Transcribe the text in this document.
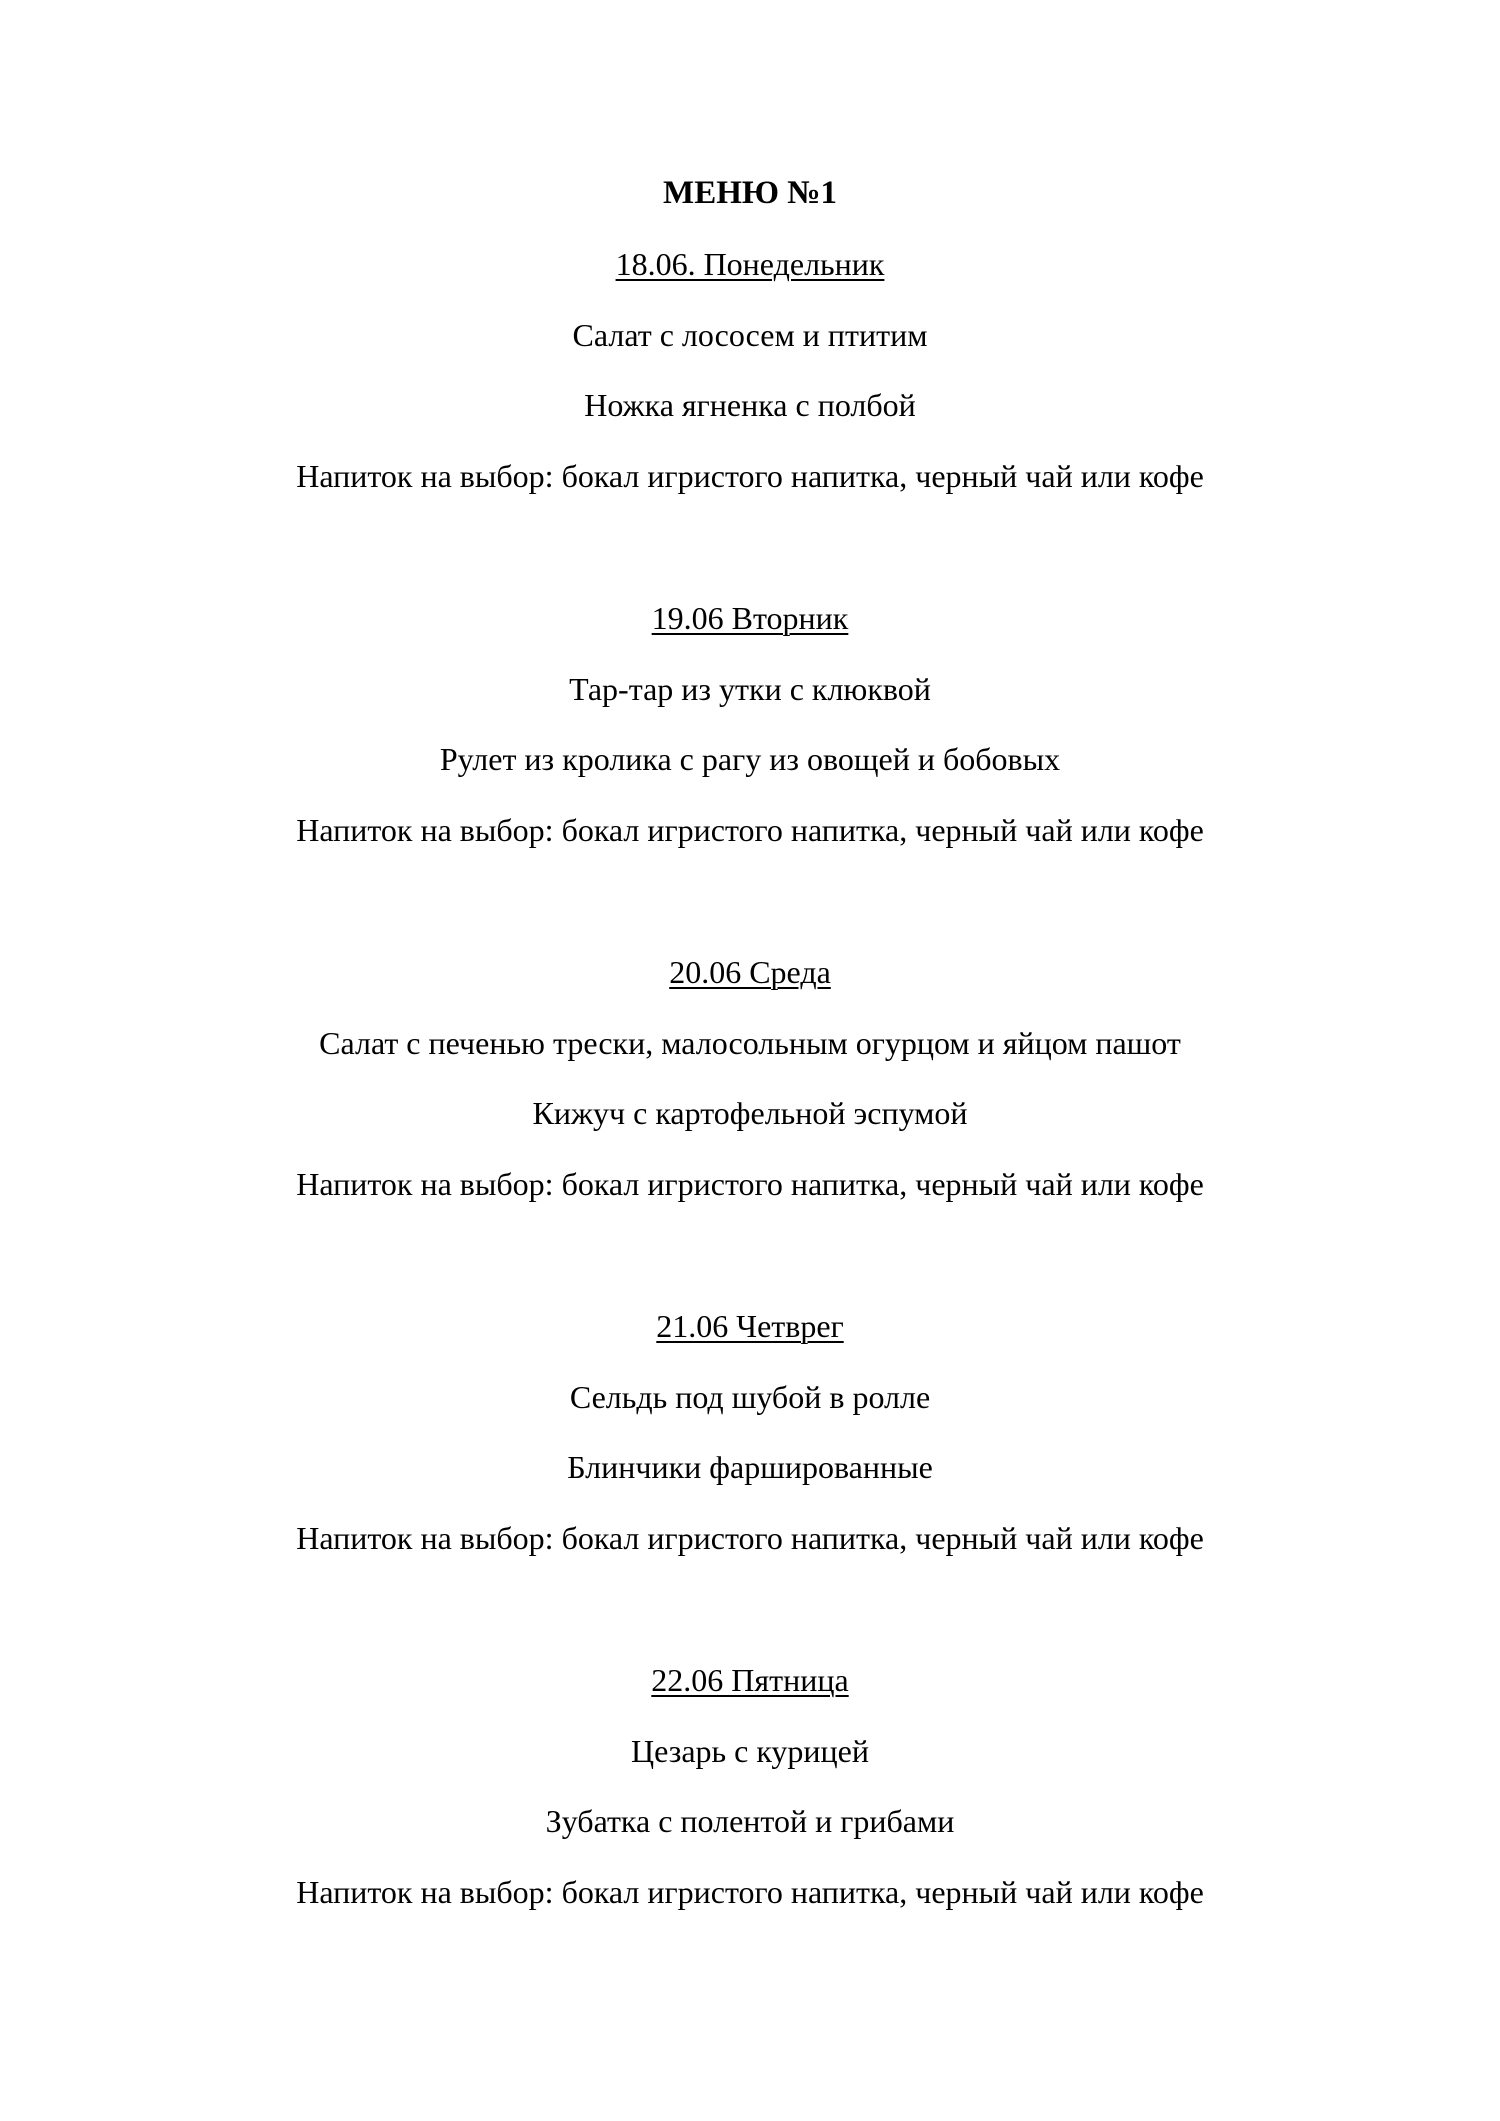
МЕНЮ №1
18.06. Понедельник
Салат с лососем и птитим
Ножка ягненка с полбой
Напиток на выбор: бокал игристого напитка, черный чай или кофе
19.06 Вторник
Тар-тар из утки с клюквой
Рулет из кролика с рагу из овощей и бобовых
Напиток на выбор: бокал игристого напитка, черный чай или кофе
20.06 Среда
Салат с печенью трески, малосольным огурцом и яйцом пашот
Кижуч с картофельной эспумой
Напиток на выбор: бокал игристого напитка, черный чай или кофе
21.06 Четврег
Сельдь под шубой в ролле
Блинчики фаршированные
Напиток на выбор: бокал игристого напитка, черный чай или кофе
22.06 Пятница
Цезарь с курицей
Зубатка с полентой и грибами
Напиток на выбор: бокал игристого напитка, черный чай или кофе
